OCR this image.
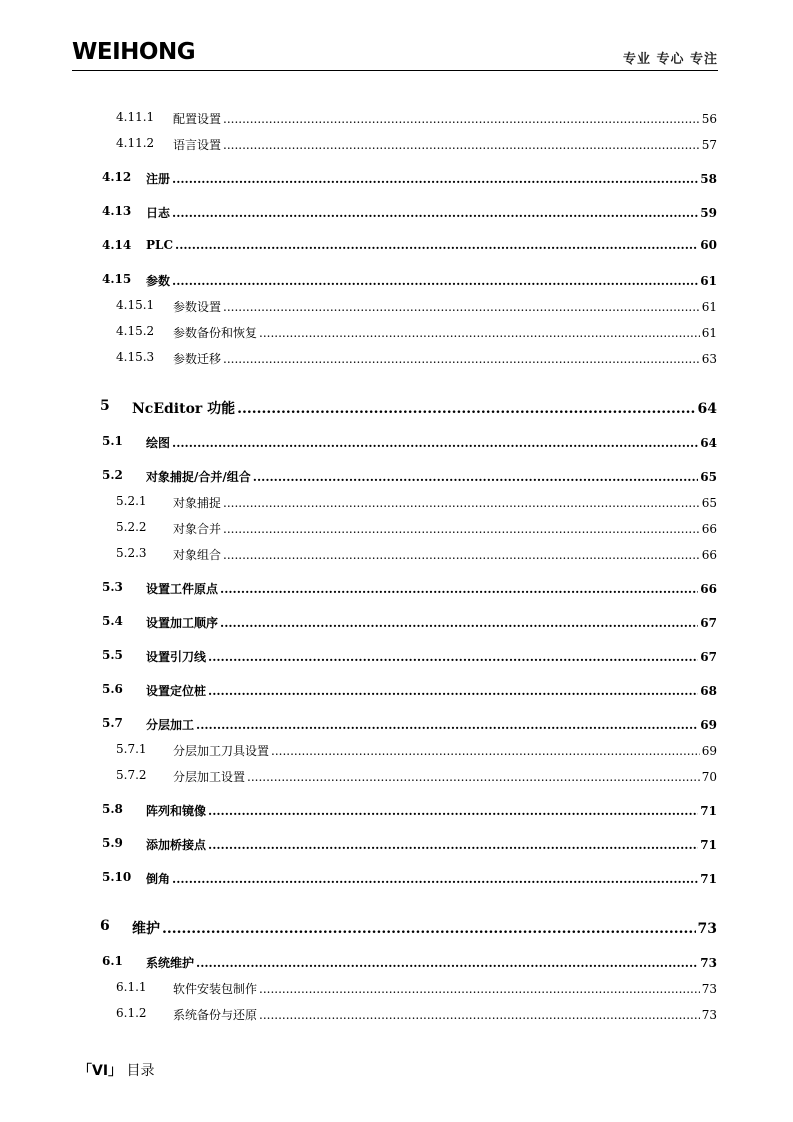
WEIHONG	专业 专心 专注
4.11.1 配置设置 .....	56
4.11.2 语言设置 .....	57
4.12 注册 .....	58
4.13 日志 .....	59
4.14 PLC .....	60
4.15 参数 .....	61
4.15.1 参数设置 .....	61
4.15.2 参数备份和恢复 .....	61
4.15.3 参数迁移 .....	63
5 NcEditor 功能 .....	64
5.1 绘图 .....	64
5.2 对象捕捉/合并/组合 .....	65
5.2.1 对象捕捉 .....	65
5.2.2 对象合并 .....	66
5.2.3 对象组合 .....	66
5.3 设置工件原点 .....	66
5.4 设置加工顺序 .....	67
5.5 设置引刀线 .....	67
5.6 设置定位桩 .....	68
5.7 分层加工 .....	69
5.7.1 分层加工刀具设置 .....	69
5.7.2 分层加工设置 .....	70
5.8 阵列和镜像 .....	71
5.9 添加桥接点 .....	71
5.10 倒角 .....	71
6 维护 .....	73
6.1 系统维护 .....	73
6.1.1 软件安装包制作 .....	73
6.1.2 系统备份与还原 .....	73
「VI」 目录
